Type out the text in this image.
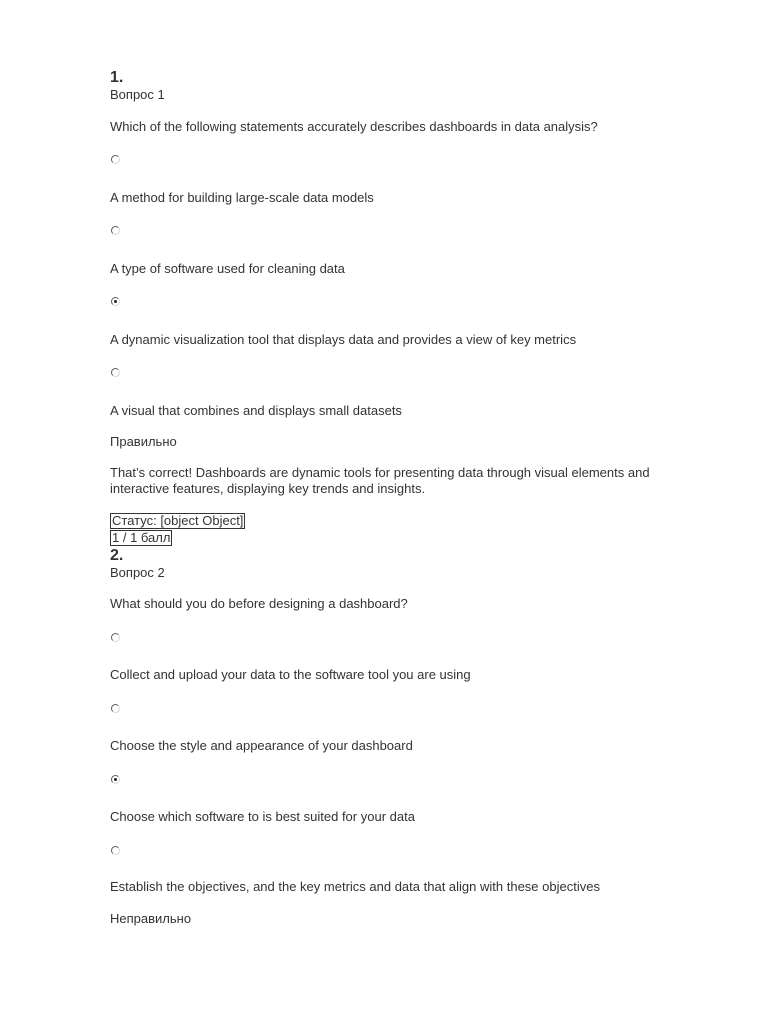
1.
Вопрос 1
Which of the following statements accurately describes dashboards in data analysis?
A method for building large-scale data models
A type of software used for cleaning data
A dynamic visualization tool that displays data and provides a view of key metrics
A visual that combines and displays small datasets
Правильно
That’s correct! Dashboards are dynamic tools for presenting data through visual elements and interactive features, displaying key trends and insights.
Статус: [object Object]
1 / 1 балл
2.
Вопрос 2
What should you do before designing a dashboard?
Collect and upload your data to the software tool you are using
Choose the style and appearance of your dashboard
Choose which software to is best suited for your data
Establish the objectives, and the key metrics and data that align with these objectives
Неправильно
